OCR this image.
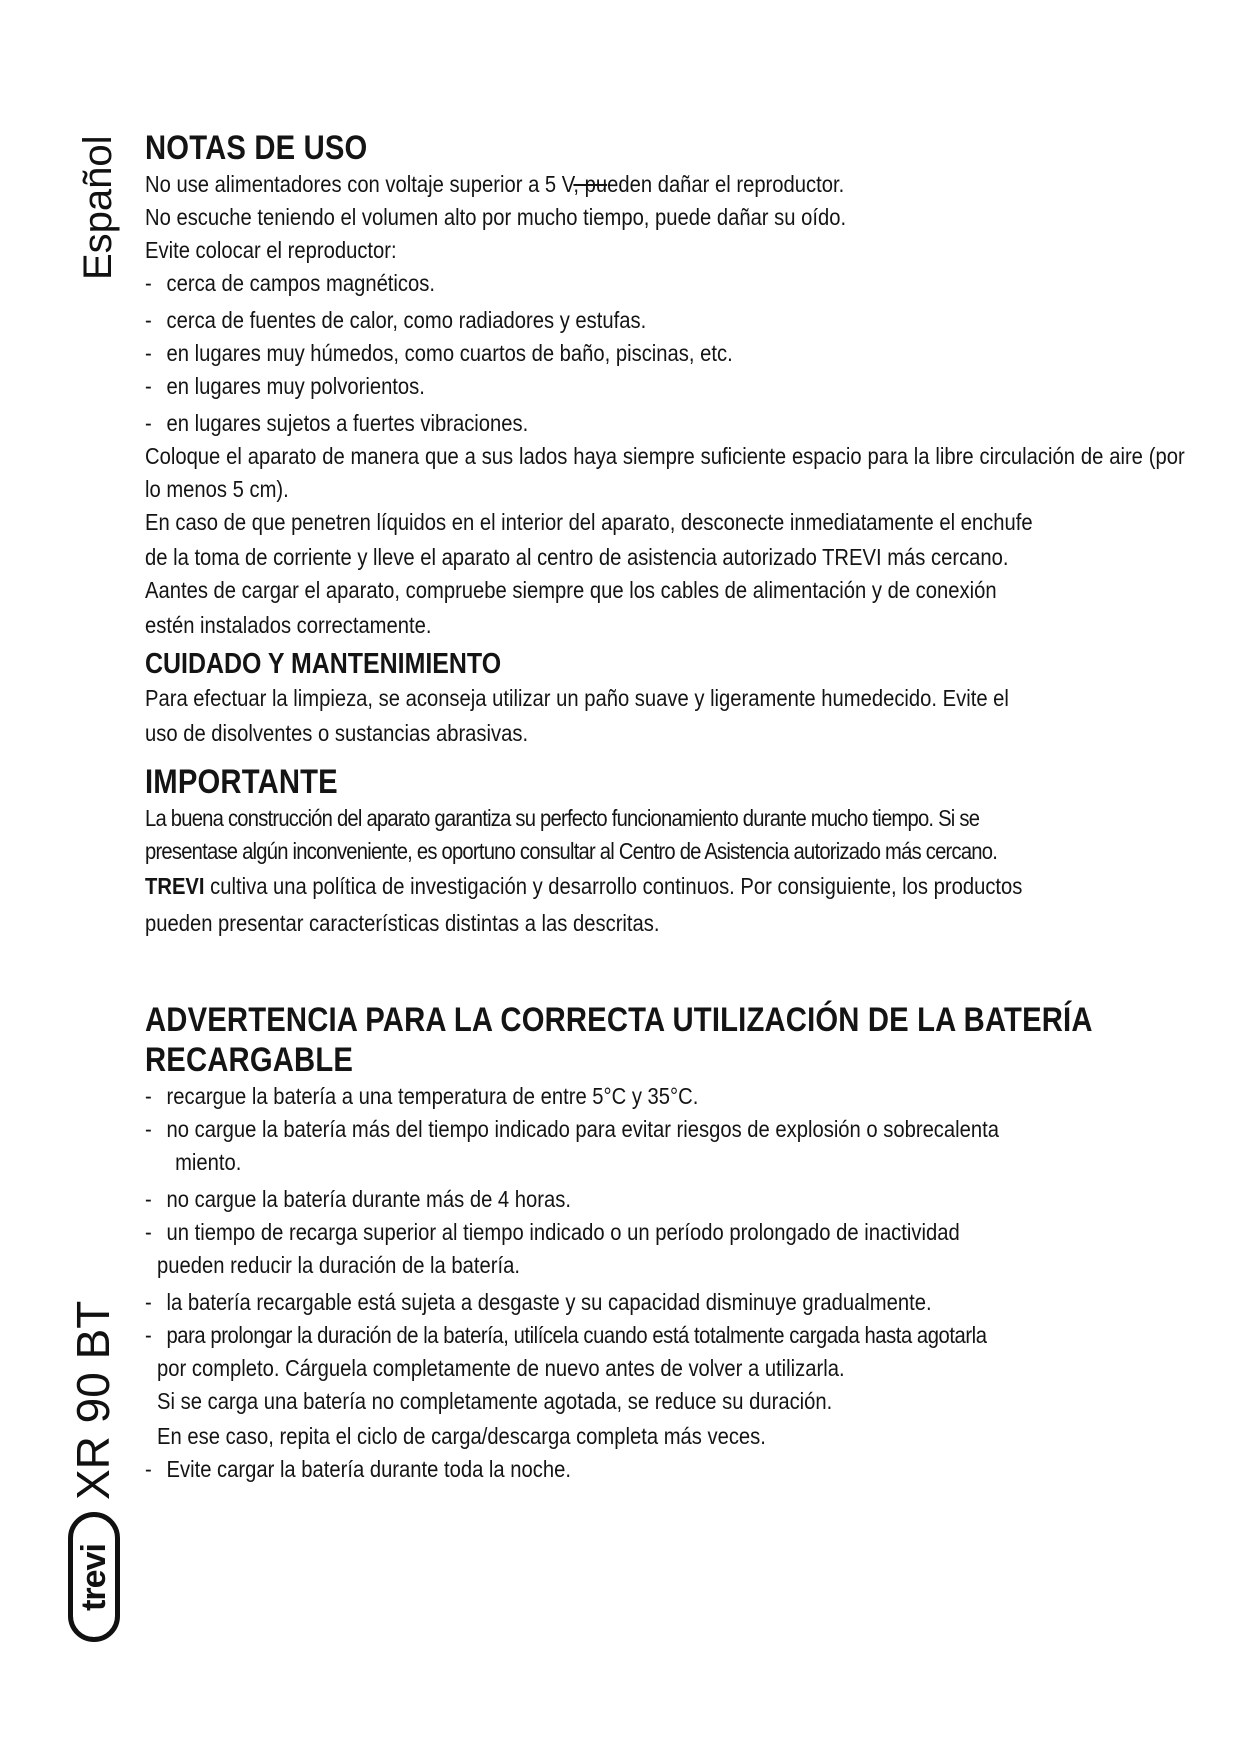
Español
XR 90 BT
trevi
NOTAS DE USO

No use alimentadores con voltaje superior a 5 V, pueden dañar el reproductor.

No escuche teniendo el volumen alto por mucho tiempo, puede dañar su oído.

Evite colocar el reproductor:

- cerca de campos magnéticos.
- cerca de fuentes de calor, como radiadores y estufas.
- en lugares muy húmedos, como cuartos de baño, piscinas, etc.
- en lugares muy polvorientos.
- en lugares sujetos a fuertes vibraciones.

Coloque el aparato de manera que a sus lados haya siempre suficiente espacio para la libre circulación de aire (por lo menos 5 cm).

En caso de que penetren líquidos en el interior del aparato, desconecte inmediatamente el enchufe

de la toma de corriente y lleve el aparato al centro de asistencia autorizado TREVI más cercano.

Aantes de cargar el aparato, compruebe siempre que los cables de alimentación y de conexión

estén instalados correctamente.

CUIDADO Y MANTENIMIENTO

Para efectuar la limpieza, se aconseja utilizar un paño suave y ligeramente humedecido. Evite el

uso de disolventes o sustancias abrasivas.

IMPORTANTE

La buena construcción del aparato garantiza su perfecto funcionamiento durante mucho tiempo. Si se

presentase algún inconveniente, es oportuno consultar al Centro de Asistencia autorizado más cercano.

TREVI cultiva una política de investigación y desarrollo continuos. Por consiguiente, los productos

pueden presentar características distintas a las descritas.

ADVERTENCIA PARA LA CORRECTA UTILIZACIÓN DE LA BATERÍA
RECARGABLE
- recargue la batería a una temperatura de entre 5°C y 35°C.
- no cargue la batería más del tiempo indicado para evitar riesgos de explosión o sobrecalenta

miento.

- no cargue la batería durante más de 4 horas.
- un tiempo de recarga superior al tiempo indicado o un período prolongado de inactividad

pueden reducir la duración de la batería.

- la batería recargable está sujeta a desgaste y su capacidad disminuye gradualmente.
- para prolongar la duración de la batería, utilícela cuando está totalmente cargada hasta agotarla

por completo. Cárguela completamente de nuevo antes de volver a utilizarla.

Si se carga una batería no completamente agotada, se reduce su duración.

En ese caso, repita el ciclo de carga/descarga completa más veces.

- Evite cargar la batería durante toda la noche.
